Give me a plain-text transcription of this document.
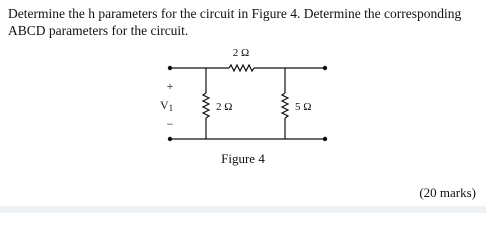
Determine the h parameters for the circuit in Figure 4. Determine the corresponding
ABCD parameters for the circuit.

2 Ω
2 Ω	5 Ω
+
V1
−

Figure 4

(20 marks)
